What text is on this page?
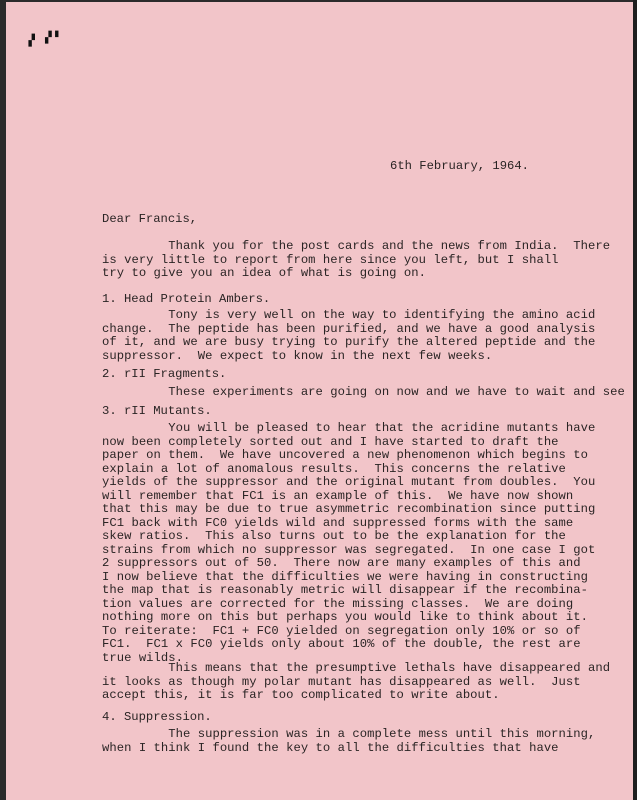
▗▘ ▞▝

6th February, 1964.

Dear Francis,

Thank you for the post cards and the news from India.  There
is very little to report from here since you left, but I shall
try to give you an idea of what is going on.

1. Head Protein Ambers.

Tony is very well on the way to identifying the amino acid
change.  The peptide has been purified, and we have a good analysis
of it, and we are busy trying to purify the altered peptide and the
suppressor.  We expect to know in the next few weeks.

2. rII Fragments.

These experiments are going on now and we have to wait and see

3. rII Mutants.

You will be pleased to hear that the acridine mutants have
now been completely sorted out and I have started to draft the
paper on them.  We have uncovered a new phenomenon which begins to
explain a lot of anomalous results.  This concerns the relative
yields of the suppressor and the original mutant from doubles.  You
will remember that FC1 is an example of this.  We have now shown
that this may be due to true asymmetric recombination since putting
FC1 back with FC0 yields wild and suppressed forms with the same
skew ratios.  This also turns out to be the explanation for the
strains from which no suppressor was segregated.  In one case I got
2 suppressors out of 50.  There now are many examples of this and
I now believe that the difficulties we were having in constructing
the map that is reasonably metric will disappear if the recombina-
tion values are corrected for the missing classes.  We are doing
nothing more on this but perhaps you would like to think about it.
To reiterate:  FC1 + FC0 yielded on segregation only 10% or so of
FC1.  FC1 x FC0 yields only about 10% of the double, the rest are
true wilds.

This means that the presumptive lethals have disappeared and
it looks as though my polar mutant has disappeared as well.  Just
accept this, it is far too complicated to write about.

4. Suppression.

The suppression was in a complete mess until this morning,
when I think I found the key to all the difficulties that have
